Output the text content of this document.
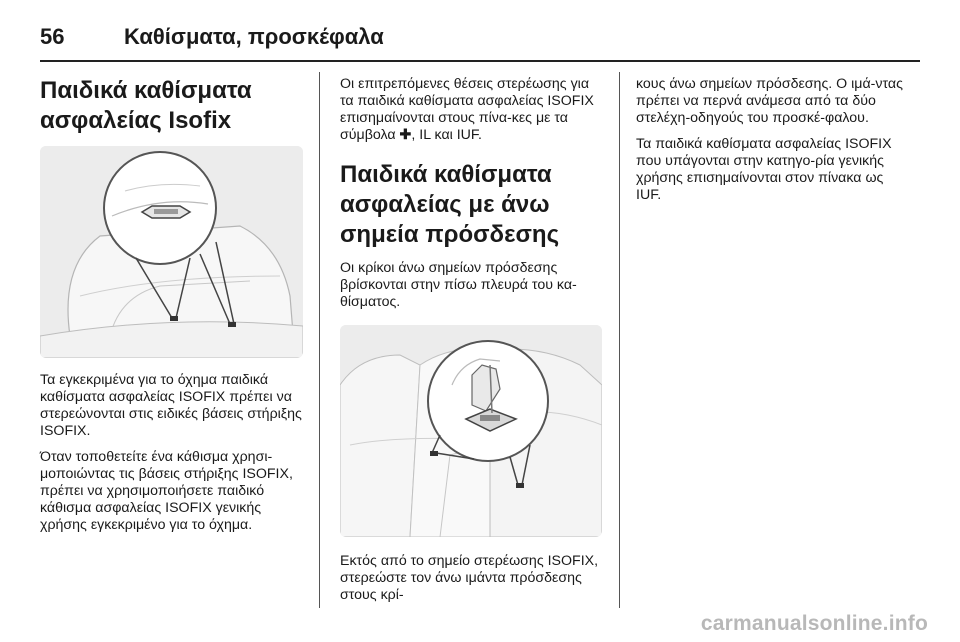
56	Καθίσματα, προσκέφαλα
Παιδικά καθίσματα ασφαλείας Isofix

Τα εγκεκριμένα για το όχημα παιδικά καθίσματα ασφαλείας ISOFIX πρέπει να στερεώνονται στις ειδικές βάσεις στήριξης ISOFIX.

Όταν τοποθετείτε ένα κάθισμα χρησι-μοποιώντας τις βάσεις στήριξης ISOFIX, πρέπει να χρησιμοποιήσετε παιδικό κάθισμα ασφαλείας ISOFIX γενικής χρήσης εγκεκριμένο για το όχημα.

Οι επιτρεπόμενες θέσεις στερέωσης για τα παιδικά καθίσματα ασφαλείας ISOFIX επισημαίνονται στους πίνα-κες με τα σύμβολα ✚, IL και IUF.

Παιδικά καθίσματα ασφαλείας με άνω σημεία πρόσδεσης

Οι κρίκοι άνω σημείων πρόσδεσης βρίσκονται στην πίσω πλευρά του κα-θίσματος.

Εκτός από το σημείο στερέωσης ISOFIX, στερεώστε τον άνω ιμάντα πρόσδεσης στους κρί-

κους άνω σημείων πρόσδεσης. Ο ιμά-ντας πρέπει να περνά ανάμεσα από τα δύο στελέχη-οδηγούς του προσκέ-φαλου.

Τα παιδικά καθίσματα ασφαλείας ISOFIX που υπάγονται στην κατηγο-ρία γενικής χρήσης επισημαίνονται στον πίνακα ως IUF.

carmanualsonline.info
